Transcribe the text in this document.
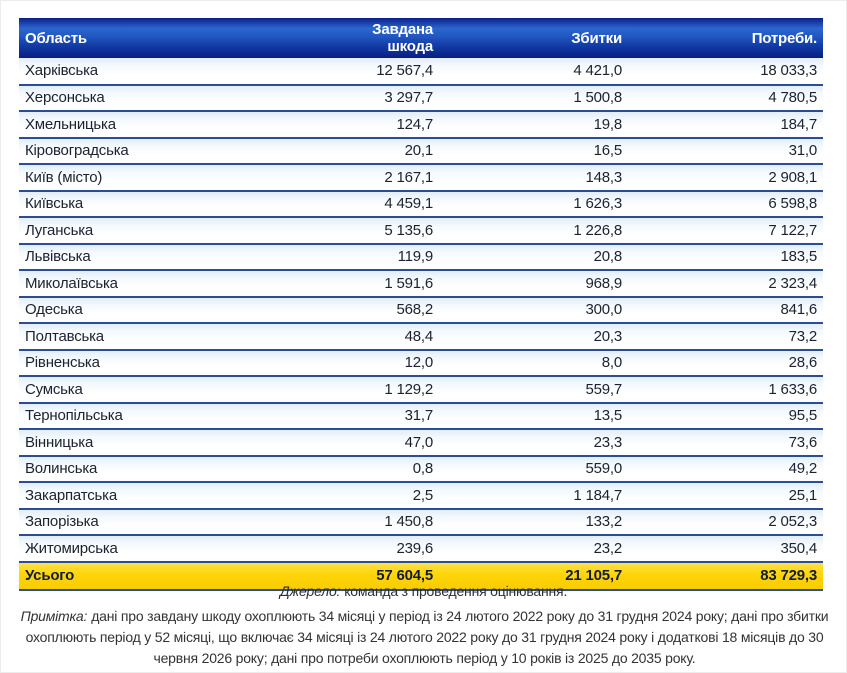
Область	Завдана шкода	Збитки	Потреби.
Харківська	12 567,4	4 421,0	18 033,3
Херсонська	3 297,7	1 500,8	4 780,5
Хмельницька	124,7	19,8	184,7
Кіровоградська	20,1	16,5	31,0
Київ (місто)	2 167,1	148,3	2 908,1
Київська	4 459,1	1 626,3	6 598,8
Луганська	5 135,6	1 226,8	7 122,7
Львівська	119,9	20,8	183,5
Миколаївська	1 591,6	968,9	2 323,4
Одеська	568,2	300,0	841,6
Полтавська	48,4	20,3	73,2
Рівненська	12,0	8,0	28,6
Сумська	1 129,2	559,7	1 633,6
Тернопільська	31,7	13,5	95,5
Вінницька	47,0	23,3	73,6
Волинська	0,8	559,0	49,2
Закарпатська	2,5	1 184,7	25,1
Запорізька	1 450,8	133,2	2 052,3
Житомирська	239,6	23,2	350,4
Усього	57 604,5	21 105,7	83 729,3
Джерело: команда з проведення оцінювання.
Примітка: дані про завдану шкоду охоплюють 34 місяці у період із 24 лютого 2022 року до 31 грудня 2024 року; дані про збитки охоплюють період у 52 місяці, що включає 34 місяці із 24 лютого 2022 року до 31 грудня 2024 року і додаткові 18 місяців до 30 червня 2026 року; дані про потреби охоплюють період у 10 років із 2025 до 2035 року.
